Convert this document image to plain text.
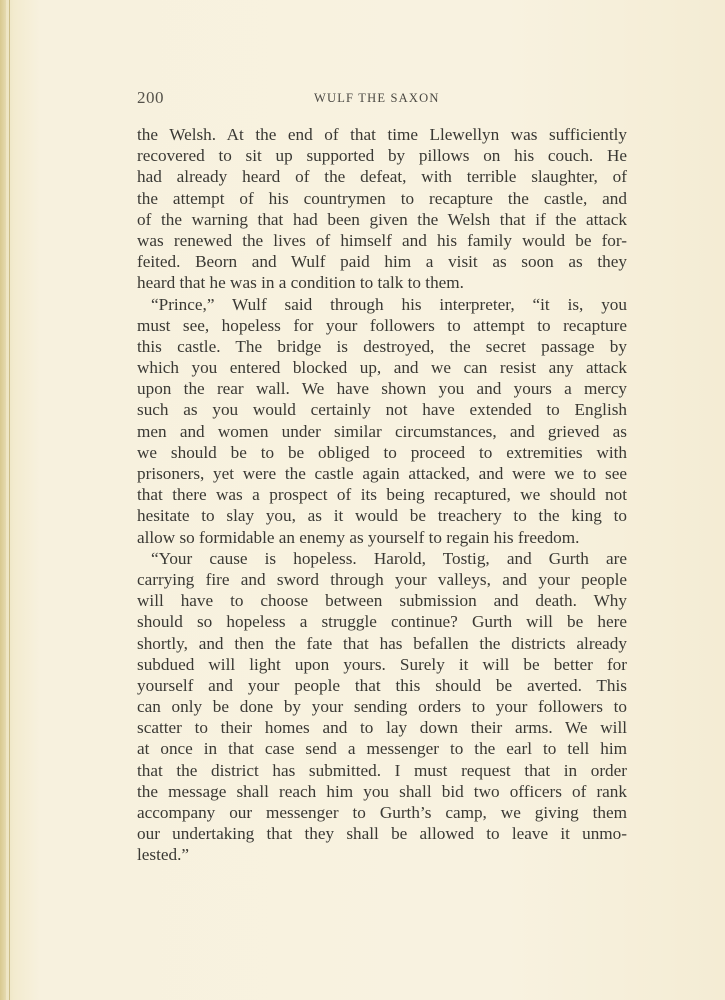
200	WULF THE SAXON
the Welsh. At the end of that time Llewellyn was sufficiently
recovered to sit up supported by pillows on his couch. He
had already heard of the defeat, with terrible slaughter, of
the attempt of his countrymen to recapture the castle, and
of the warning that had been given the Welsh that if the attack
was renewed the lives of himself and his family would be for-
feited. Beorn and Wulf paid him a visit as soon as they
heard that he was in a condition to talk to them.
“Prince,” Wulf said through his interpreter, “it is, you
must see, hopeless for your followers to attempt to recapture
this castle. The bridge is destroyed, the secret passage by
which you entered blocked up, and we can resist any attack
upon the rear wall. We have shown you and yours a mercy
such as you would certainly not have extended to English
men and women under similar circumstances, and grieved as
we should be to be obliged to proceed to extremities with
prisoners, yet were the castle again attacked, and were we to see
that there was a prospect of its being recaptured, we should not
hesitate to slay you, as it would be treachery to the king to
allow so formidable an enemy as yourself to regain his freedom.
“Your cause is hopeless. Harold, Tostig, and Gurth are
carrying fire and sword through your valleys, and your people
will have to choose between submission and death. Why
should so hopeless a struggle continue? Gurth will be here
shortly, and then the fate that has befallen the districts already
subdued will light upon yours. Surely it will be better for
yourself and your people that this should be averted. This
can only be done by your sending orders to your followers to
scatter to their homes and to lay down their arms. We will
at once in that case send a messenger to the earl to tell him
that the district has submitted. I must request that in order
the message shall reach him you shall bid two officers of rank
accompany our messenger to Gurth’s camp, we giving them
our undertaking that they shall be allowed to leave it unmo-
lested.”
